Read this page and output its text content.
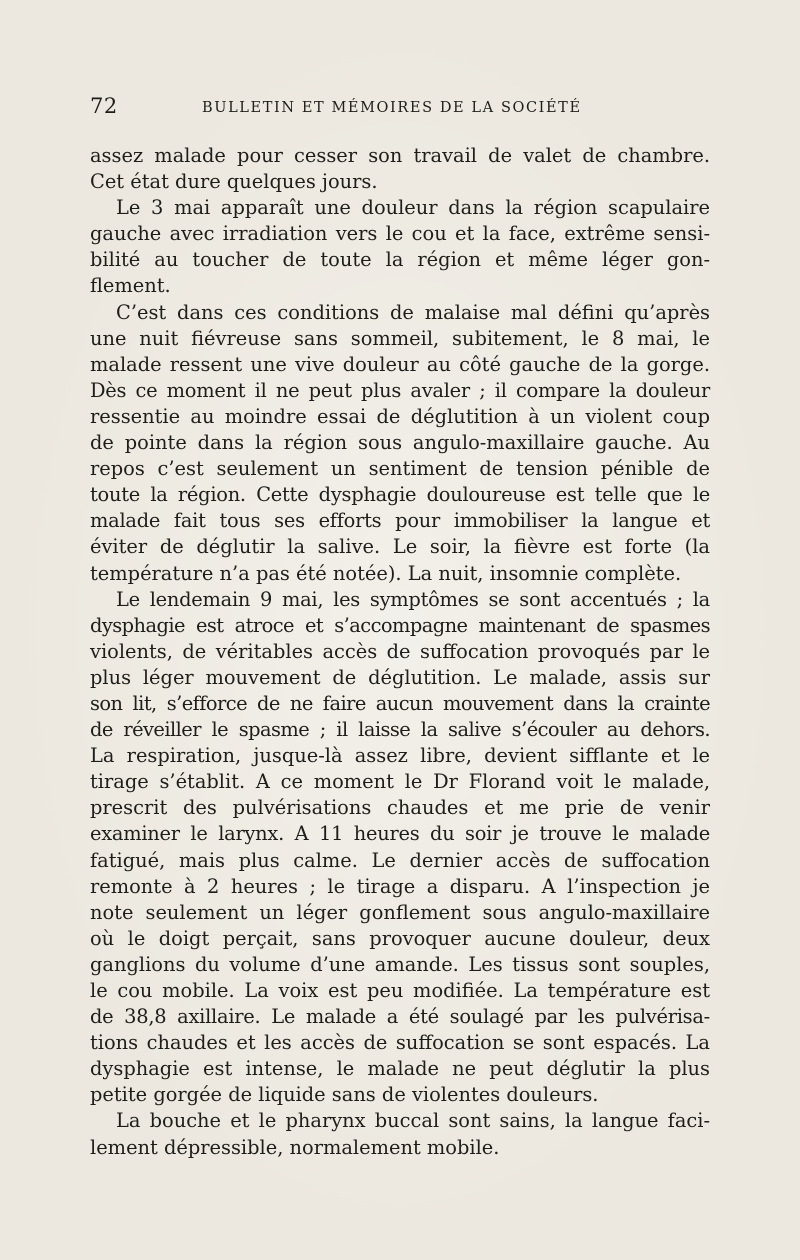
72	BULLETIN ET MÉMOIRES DE LA SOCIÉTÉ
assez malade pour cesser son travail de valet de chambre.
Cet état dure quelques jours.
Le 3 mai apparaît une douleur dans la région scapulaire
gauche avec irradiation vers le cou et la face, extrême sensi-
bilité au toucher de toute la région et même léger gon-
flement.
C’est dans ces conditions de malaise mal défini qu’après
une nuit fiévreuse sans sommeil, subitement, le 8 mai, le
malade ressent une vive douleur au côté gauche de la gorge.
Dès ce moment il ne peut plus avaler ; il compare la douleur
ressentie au moindre essai de déglutition à un violent coup
de pointe dans la région sous angulo-maxillaire gauche. Au
repos c’est seulement un sentiment de tension pénible de
toute la région. Cette dysphagie douloureuse est telle que le
malade fait tous ses efforts pour immobiliser la langue et
éviter de déglutir la salive. Le soir, la fièvre est forte (la
température n’a pas été notée). La nuit, insomnie complète.
Le lendemain 9 mai, les symptômes se sont accentués ; la
dysphagie est atroce et s’accompagne maintenant de spasmes
violents, de véritables accès de suffocation provoqués par le
plus léger mouvement de déglutition. Le malade, assis sur
son lit, s’efforce de ne faire aucun mouvement dans la crainte
de réveiller le spasme ; il laisse la salive s’écouler au dehors.
La respiration, jusque-là assez libre, devient sifflante et le
tirage s’établit. A ce moment le Dr Florand voit le malade,
prescrit des pulvérisations chaudes et me prie de venir
examiner le larynx. A 11 heures du soir je trouve le malade
fatigué, mais plus calme. Le dernier accès de suffocation
remonte à 2 heures ; le tirage a disparu. A l’inspection je
note seulement un léger gonflement sous angulo-maxillaire
où le doigt perçait, sans provoquer aucune douleur, deux
ganglions du volume d’une amande. Les tissus sont souples,
le cou mobile. La voix est peu modifiée. La température est
de 38,8 axillaire. Le malade a été soulagé par les pulvérisa-
tions chaudes et les accès de suffocation se sont espacés. La
dysphagie est intense, le malade ne peut déglutir la plus
petite gorgée de liquide sans de violentes douleurs.
La bouche et le pharynx buccal sont sains, la langue faci-
lement dépressible, normalement mobile.
